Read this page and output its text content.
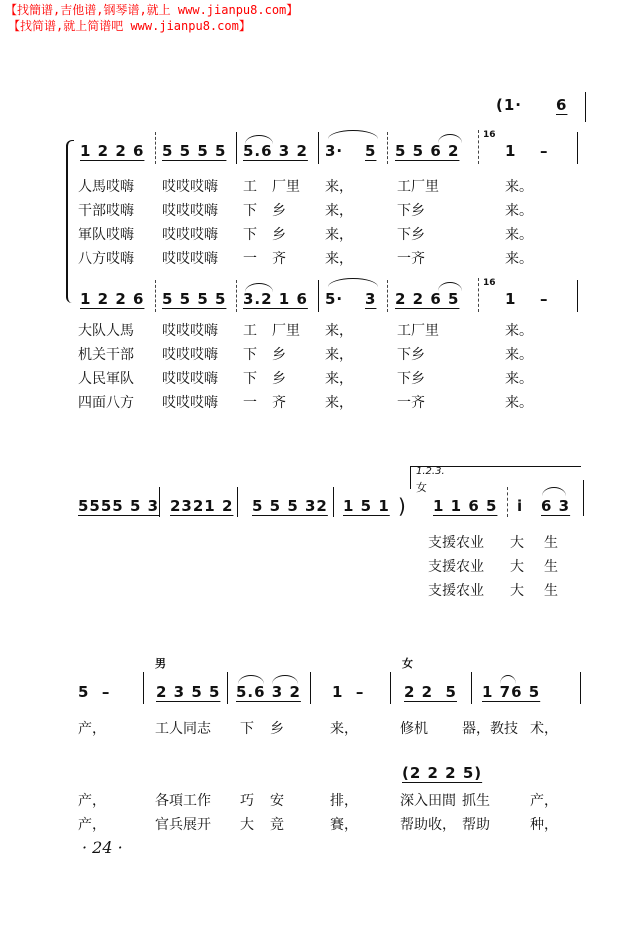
【找簡谱,吉他谱,钢琴谱,就上 www.jianpu8.com】
【找简谱,就上简谱吧 www.jianpu8.com】
(1· 6
1 2 2 6 5 5 5 5 5.6 3 2 3· 5 5 5 6 2
16
1 –
人馬哎嗨 哎哎哎嗨 工 厂里 来，	工厂里	来。
干部哎嗨 哎哎哎嗨 下 乡	来，	下乡	来。
軍队哎嗨 哎哎哎嗨 下 乡	来，	下乡	来。
八方哎嗨 哎哎哎嗨 一 齐	来，	一齐	来。
1 2 2 6 5 5 5 5 3.2 1 6 5· 3 2 2 6 5
16
1 –
大队人馬 哎哎哎嗨 工 厂里 来，	工厂里	来。
机关干部 哎哎哎嗨 下 乡	来，	下乡	来。
人民軍队 哎哎哎嗨 下 乡	来，	下乡	来。
四面八方 哎哎哎嗨 一 齐	来，	一齐	来。
5555 5 3 2321 2 5 5 5 32 1 5 1 )
1.2.3.
女
1 1 6 5 i 6 3
支援农业 大 生
支援农业 大 生
支援农业 大 生
男	女
5  –	2 3 5 5 5.6 3 2 1  –	2 2  5 1 76 5
(2 2 2 5)
产，	工人同志 下 乡	来，	修机 器，教技 术，
产，	各項工作 巧 安	排，	深入田間 抓生	产，
产，	官兵展开 大 竞	賽，	帮助收， 帮助	种，
· 24 ·
